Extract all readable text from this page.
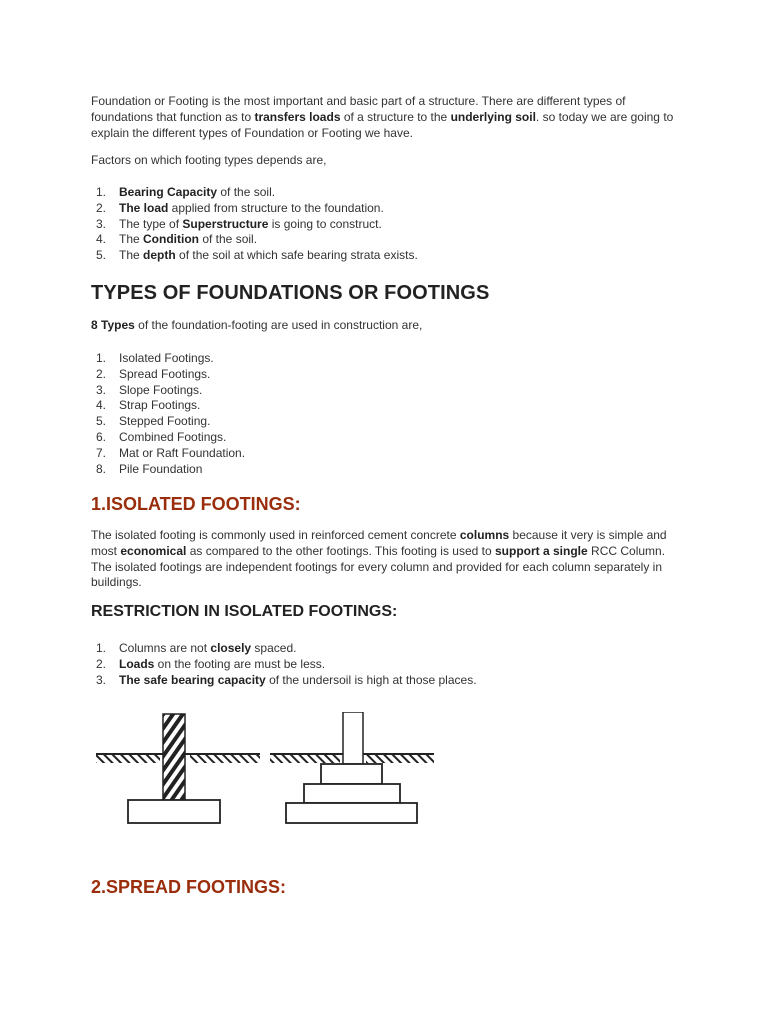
Foundation or Footing is the most important and basic part of a structure. There are different types of foundations that function as to transfers loads of a structure to the underlying soil. so today we are going to explain the different types of Foundation or Footing we have.

Factors on which footing types depends are,

1. Bearing Capacity of the soil.
2. The load applied from structure to the foundation.
3. The type of Superstructure is going to construct.
4. The Condition of the soil.
5. The depth of the soil at which safe bearing strata exists.
TYPES OF FOUNDATIONS OR FOOTINGS

8 Types of the foundation-footing are used in construction are,

1. Isolated Footings.
2. Spread Footings.
3. Slope Footings.
4. Strap Footings.
5. Stepped Footing.
6. Combined Footings.
7. Mat or Raft Foundation.
8. Pile Foundation
1.ISOLATED FOOTINGS:

The isolated footing is commonly used in reinforced cement concrete columns because it very is simple and most economical as compared to the other footings. This footing is used to support a single RCC Column. The isolated footings are independent footings for every column and provided for each column separately in buildings.

RESTRICTION IN ISOLATED FOOTINGS:
1. Columns are not closely spaced.
2. Loads on the footing are must be less.
3. The safe bearing capacity of the undersoil is high at those places.
2.SPREAD FOOTINGS:
